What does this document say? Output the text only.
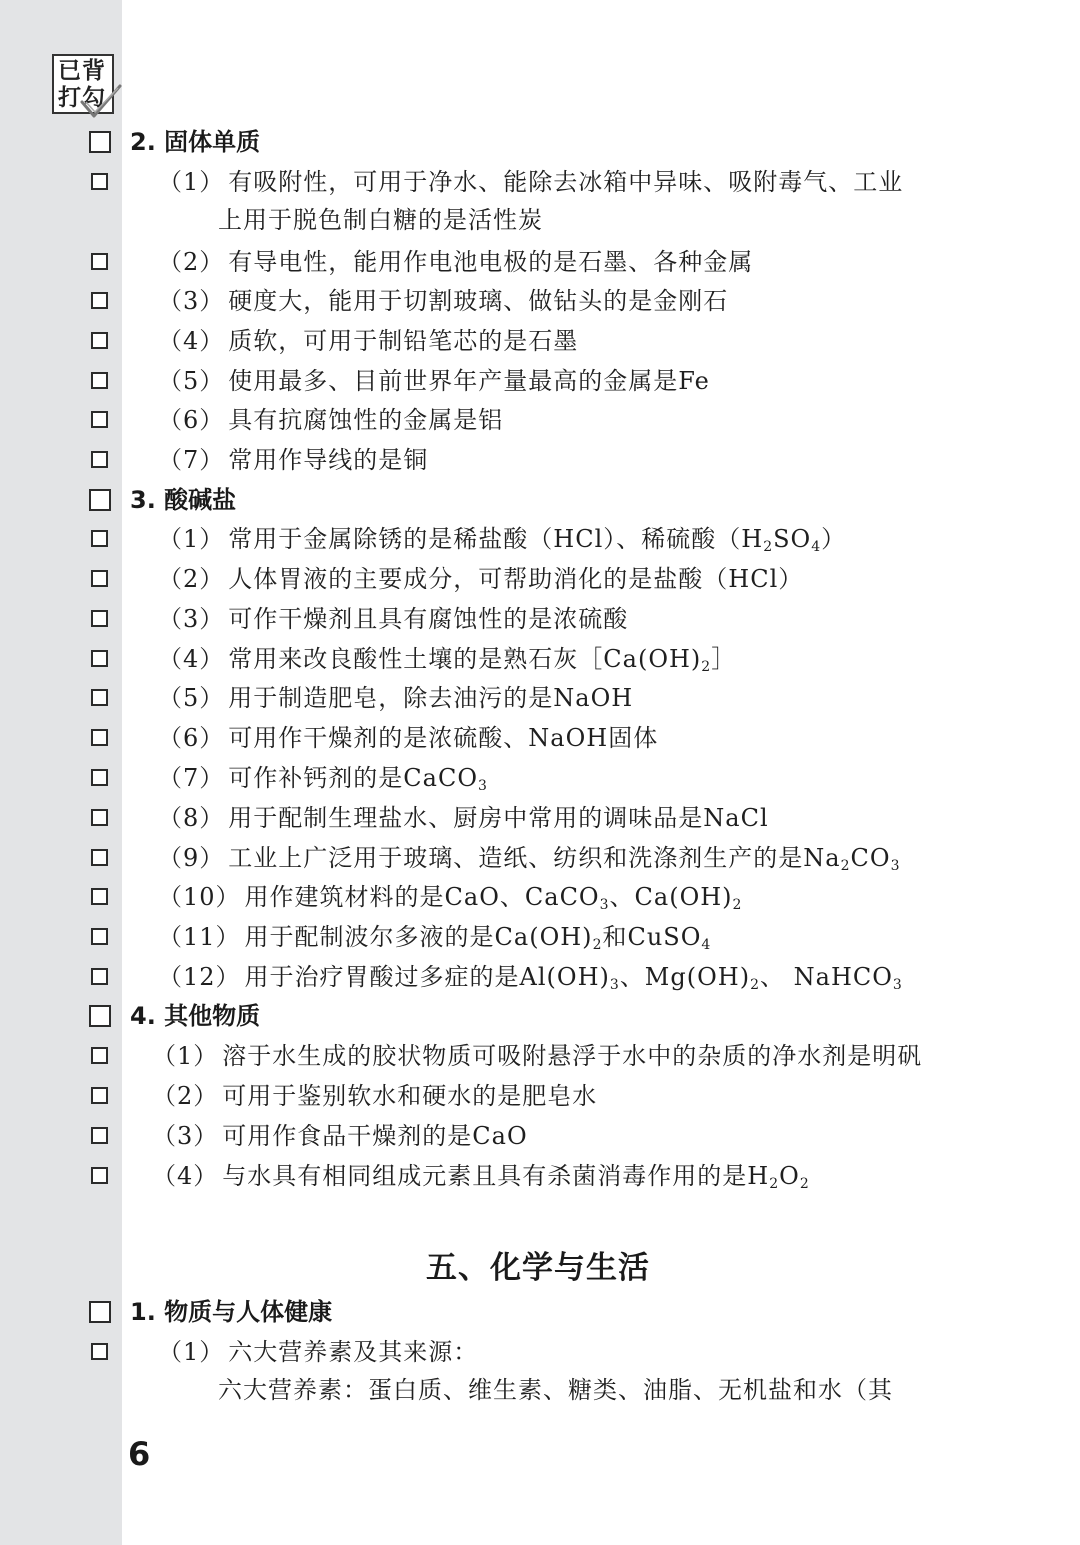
已背
打勾
2. 固体单质
（1） 有吸附性，可用于净水、能除去冰箱中异味、吸附毒气、工业
上用于脱色制白糖的是活性炭
（2） 有导电性，能用作电池电极的是石墨、各种金属
（3） 硬度大，能用于切割玻璃、做钻头的是金刚石
（4） 质软，可用于制铅笔芯的是石墨
（5） 使用最多、目前世界年产量最高的金属是Fe
（6） 具有抗腐蚀性的金属是铝
（7） 常用作导线的是铜
3. 酸碱盐
（1） 常用于金属除锈的是稀盐酸（HCl）、稀硫酸$(H_2SO_4)$
（2） 人体胃液的主要成分，可帮助消化的是盐酸（HCl）
（3） 可作干燥剂且具有腐蚀性的是浓硫酸
（4） 常用来改良酸性土壤的是熟石灰$[Ca(OH)_2]$
（5） 用于制造肥皂，除去油污的是NaOH
（6） 可用作干燥剂的是浓硫酸、NaOH固体
（7） 可作补钙剂的是CaCO$_3$
（8） 用于配制生理盐水、厨房中常用的调味品是NaCl
（9） 工业上广泛用于玻璃、造纸、纺织和洗涤剂生产的是$Na_2CO_3$
（10） 用作建筑材料的是CaO、CaCO$_3$、$Ca(OH)_2$
（11） 用于配制波尔多液的是$Ca(OH)_2$和CuSO$_4$
（12） 用于治疗胃酸过多症的是$Al(OH)_3$、$Mg(OH)_2$、 NaHCO$_3$
4. 其他物质
（1） 溶于水生成的胶状物质可吸附悬浮于水中的杂质的净水剂是明矾
（2） 可用于鉴别软水和硬水的是肥皂水
（3） 可用作食品干燥剂的是CaO
（4） 与水具有相同组成元素且具有杀菌消毒作用的是$H_2O_2$
五、化学与生活
1. 物质与人体健康
（1） 六大营养素及其来源：
六大营养素：蛋白质、维生素、糖类、油脂、无机盐和水（其
6
